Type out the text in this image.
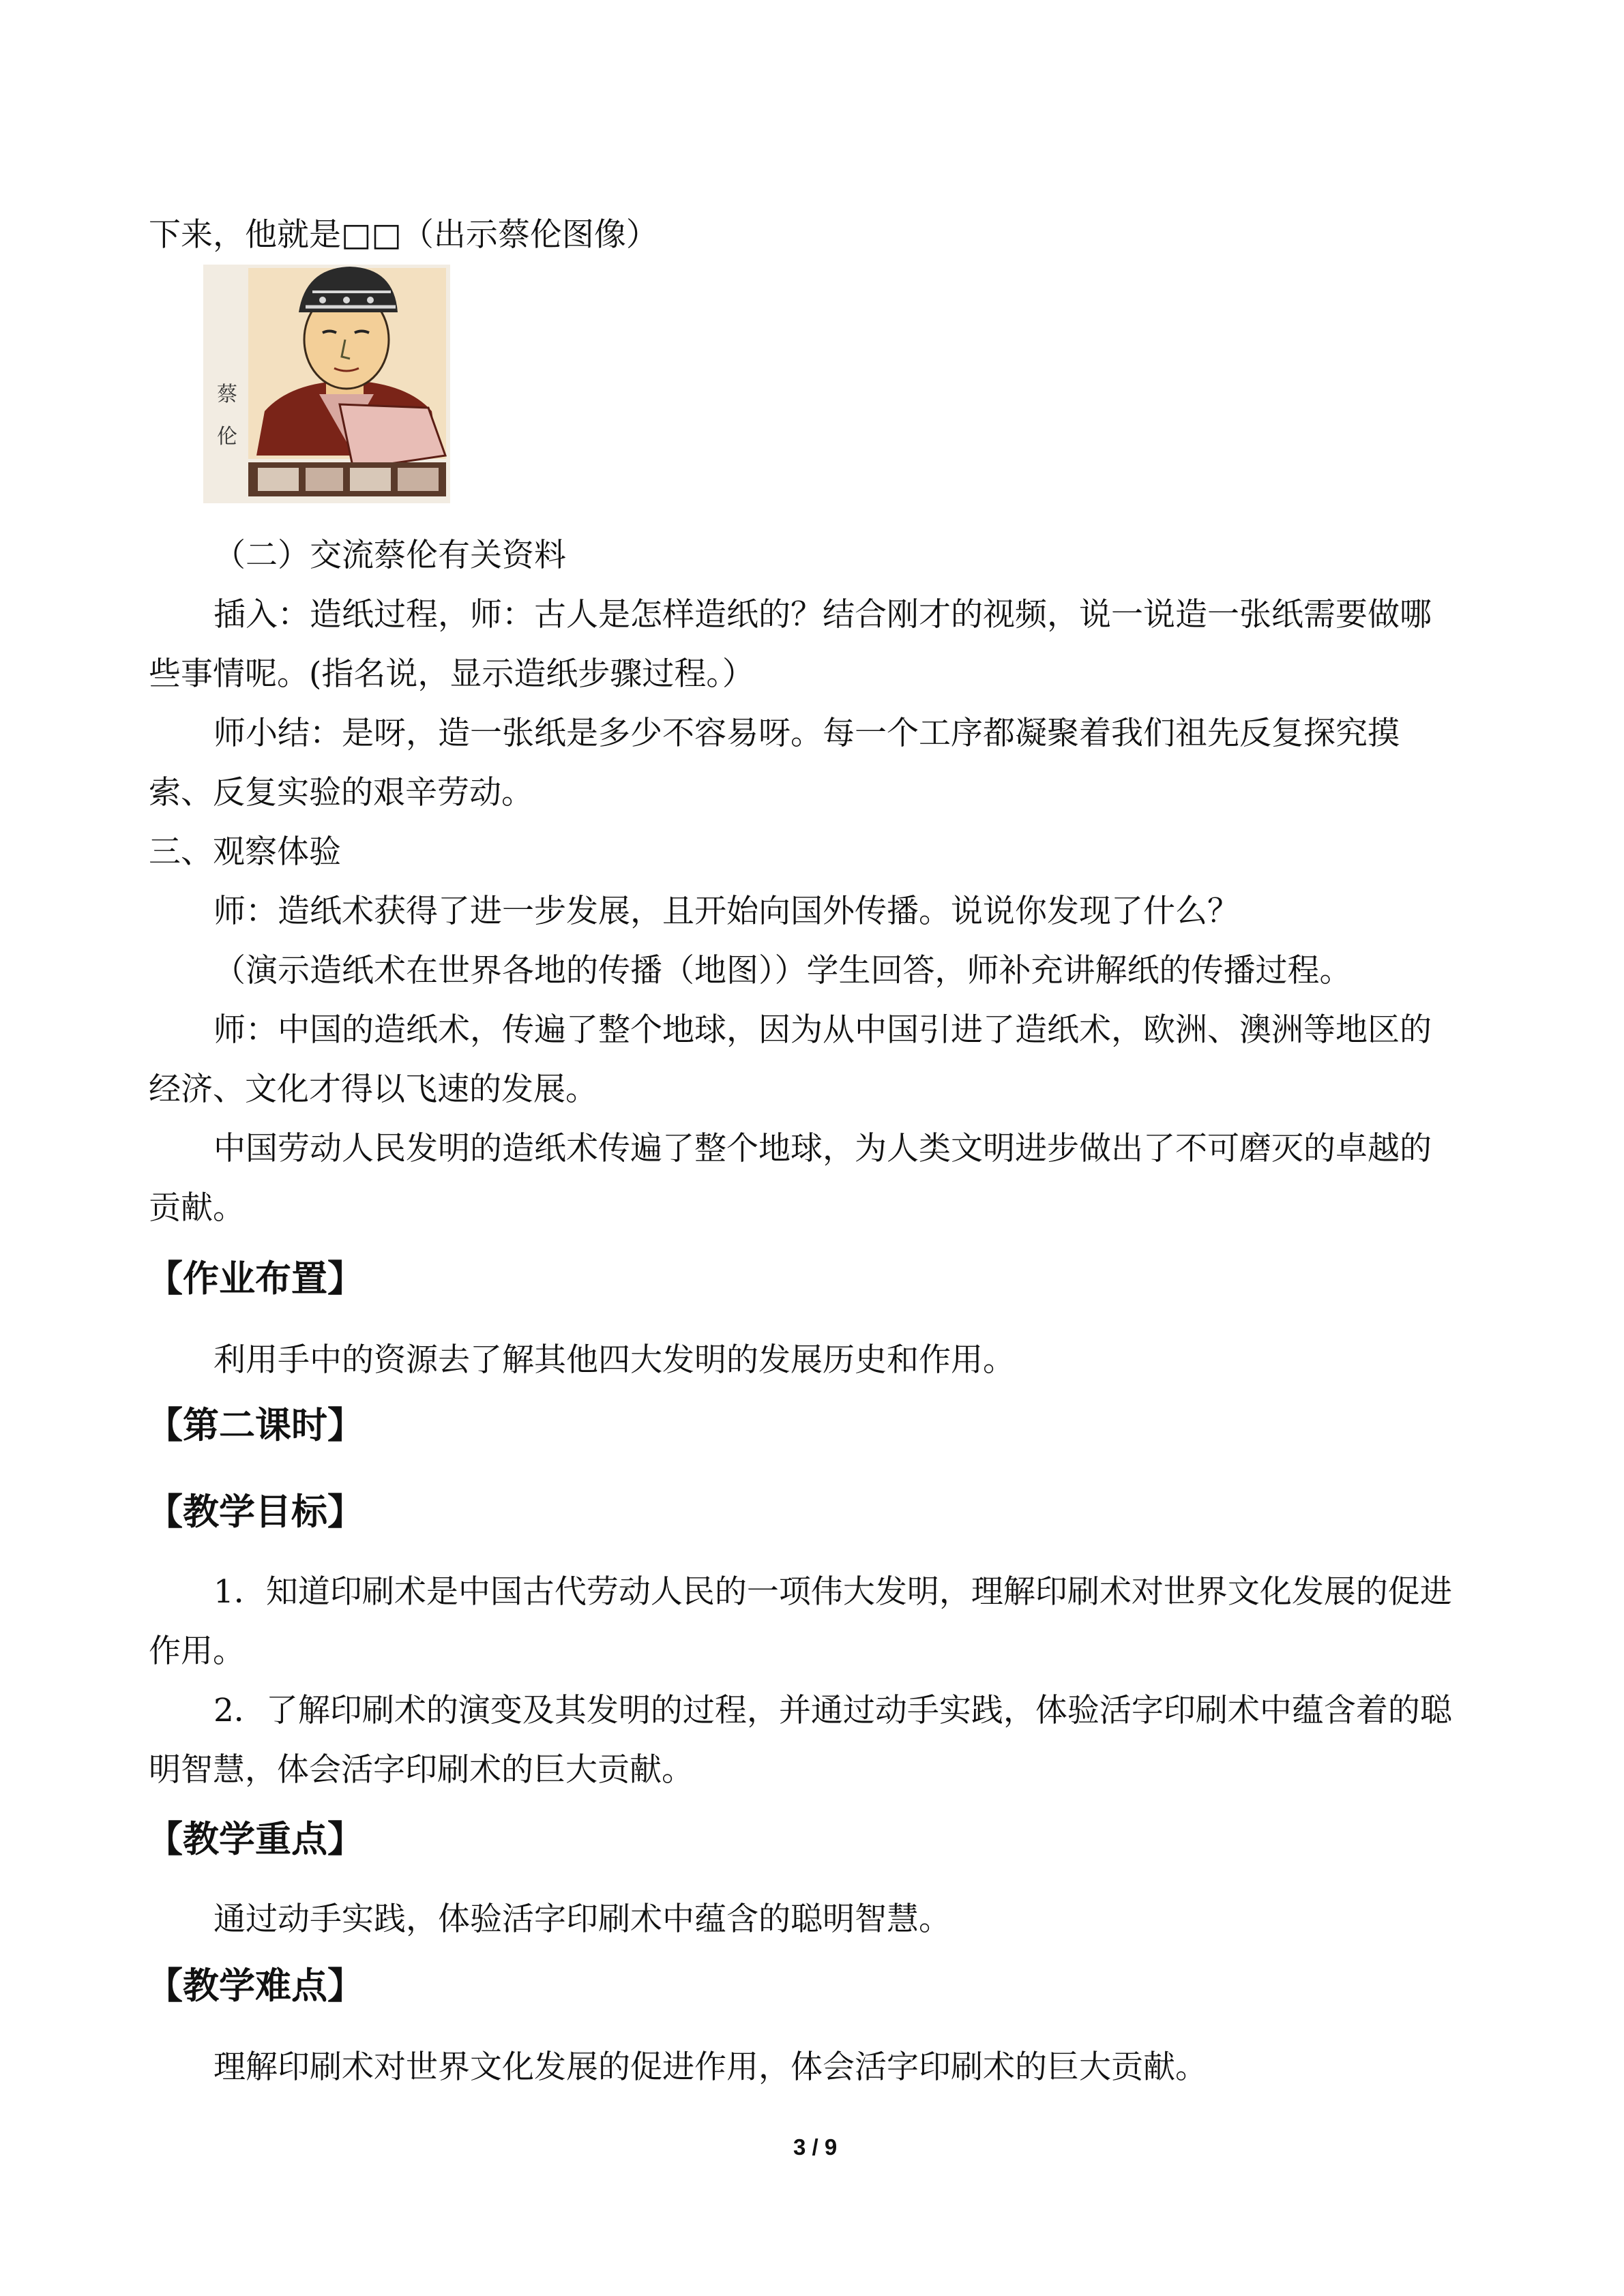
下来，他就是□□（出示蔡伦图像）
蔡
伦
（二）交流蔡伦有关资料
插入：造纸过程，师：古人是怎样造纸的？结合刚才的视频，说一说造一张纸需要做哪
些事情呢。(指名说，显示造纸步骤过程。）
师小结：是呀，造一张纸是多少不容易呀。每一个工序都凝聚着我们祖先反复探究摸
索、反复实验的艰辛劳动。
三、观察体验
师：造纸术获得了进一步发展，且开始向国外传播。说说你发现了什么？
（演示造纸术在世界各地的传播（地图））学生回答，师补充讲解纸的传播过程。
师：中国的造纸术，传遍了整个地球，因为从中国引进了造纸术，欧洲、澳洲等地区的
经济、文化才得以飞速的发展。
中国劳动人民发明的造纸术传遍了整个地球，为人类文明进步做出了不可磨灭的卓越的
贡献。
【作业布置】
利用手中的资源去了解其他四大发明的发展历史和作用。
【第二课时】
【教学目标】
1．知道印刷术是中国古代劳动人民的一项伟大发明，理解印刷术对世界文化发展的促进
作用。
2．了解印刷术的演变及其发明的过程，并通过动手实践，体验活字印刷术中蕴含着的聪
明智慧，体会活字印刷术的巨大贡献。
【教学重点】
通过动手实践，体验活字印刷术中蕴含的聪明智慧。
【教学难点】
理解印刷术对世界文化发展的促进作用，体会活字印刷术的巨大贡献。
3 / 9
